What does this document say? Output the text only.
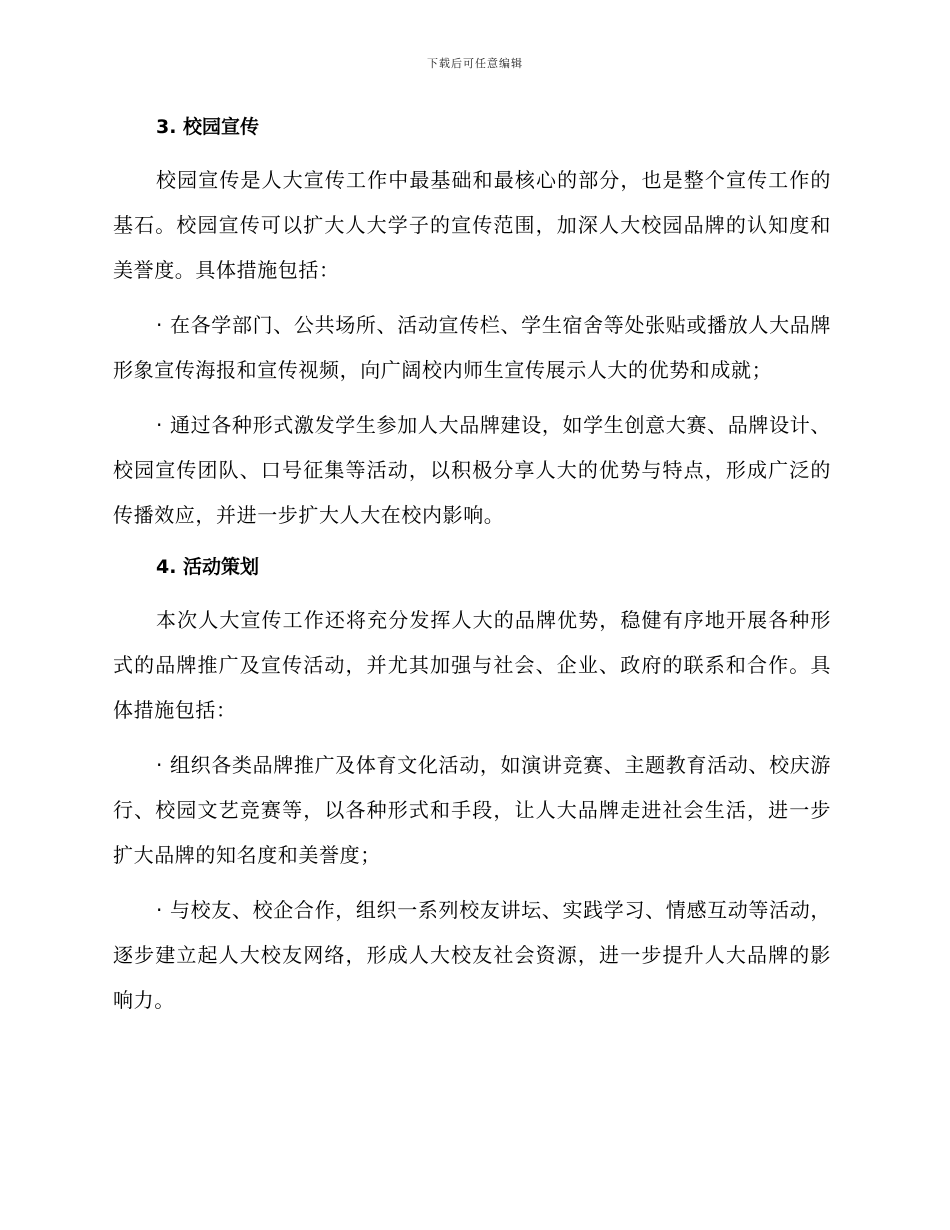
下载后可任意编辑
3. 校园宣传

校园宣传是人大宣传工作中最基础和最核心的部分，也是整个宣传工作的基石。校园宣传可以扩大人大学子的宣传范围，加深人大校园品牌的认知度和美誉度。具体措施包括：

· 在各学部门、公共场所、活动宣传栏、学生宿舍等处张贴或播放人大品牌形象宣传海报和宣传视频，向广阔校内师生宣传展示人大的优势和成就；

· 通过各种形式激发学生参加人大品牌建设，如学生创意大赛、品牌设计、校园宣传团队、口号征集等活动，以积极分享人大的优势与特点，形成广泛的传播效应，并进一步扩大人大在校内影响。

4. 活动策划

本次人大宣传工作还将充分发挥人大的品牌优势，稳健有序地开展各种形式的品牌推广及宣传活动，并尤其加强与社会、企业、政府的联系和合作。具体措施包括：

· 组织各类品牌推广及体育文化活动，如演讲竞赛、主题教育活动、校庆游行、校园文艺竞赛等，以各种形式和手段，让人大品牌走进社会生活，进一步扩大品牌的知名度和美誉度；

· 与校友、校企合作，组织一系列校友讲坛、实践学习、情感互动等活动，逐步建立起人大校友网络，形成人大校友社会资源，进一步提升人大品牌的影响力。
